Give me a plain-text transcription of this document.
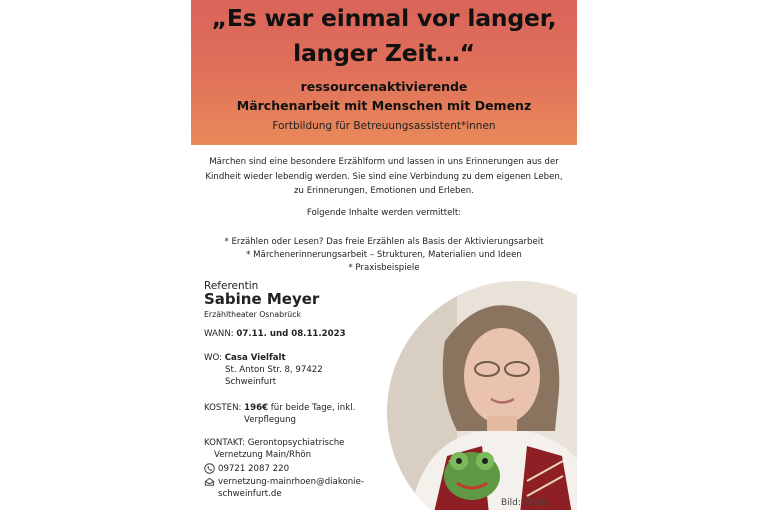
„Es war einmal vor langer,
langer Zeit…“
ressourcenaktivierende
Märchenarbeit mit Menschen mit Demenz
Fortbildung für Betreuungsassistent*innen

Märchen sind eine besondere Erzählform und lassen in uns Erinnerungen aus der

Kindheit wieder lebendig werden. Sie sind eine Verbindung zu dem eigenen Leben,

zu Erinnerungen, Emotionen und Erleben.

Folgende Inhalte werden vermittelt:
* Erzählen oder Lesen? Das freie Erzählen als Basis der Aktivierungsarbeit
* Märchenerinnerungsarbeit – Strukturen, Materialien und Ideen
* Praxisbeispiele
Referentin
Sabine Meyer
Erzähltheater Osnabrück
WANN: 07.11. und 08.11.2023
WO: Casa Vielfalt
St. Anton Str. 8, 97422
Schweinfurt
KOSTEN: 196€ für beide Tage, inkl.
Verpflegung
KONTAKT: Gerontopsychiatrische
Vernetzung Main/Rhön
09721 2087 220
vernetzung-mainrhoen@diakonie-
schweinfurt.de
Bild: EFOS
